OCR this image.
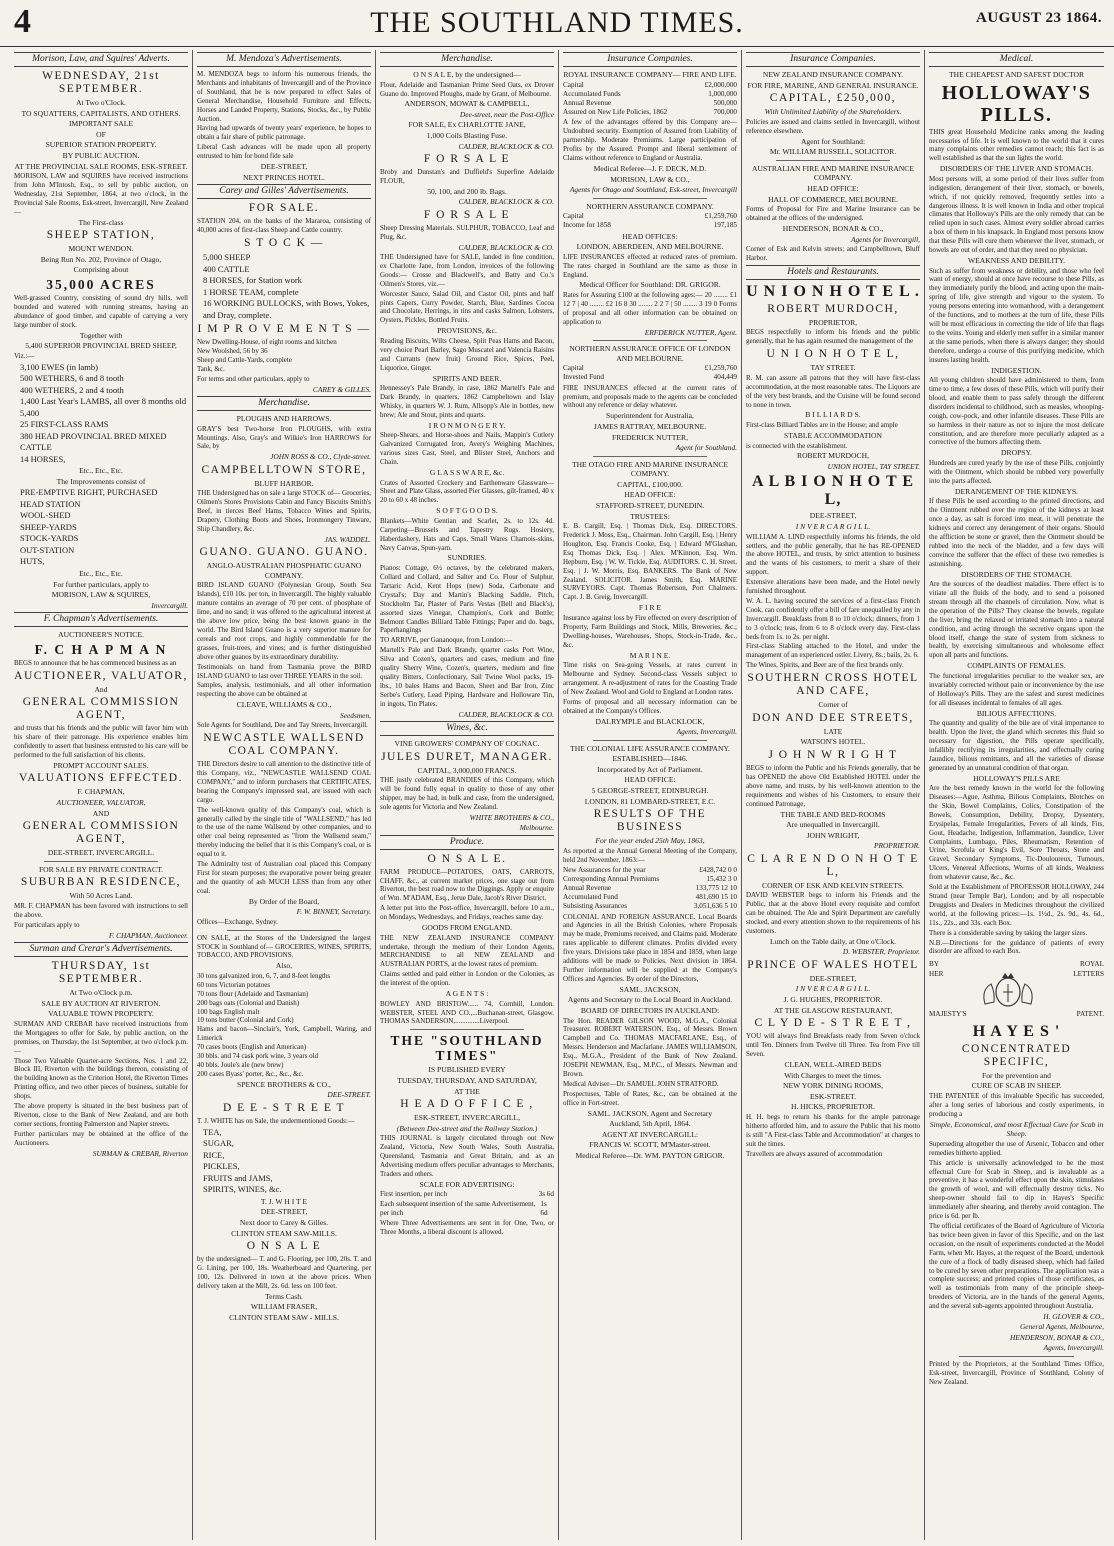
4	THE SOUTHLAND TIMES.	AUGUST 23 1864.
Morison, Law, and Squires' Adverts.
WEDNESDAY, 21st SEPTEMBER.
At Two o'Clock.
TO SQUATTERS, CAPITALISTS, AND OTHERS.
IMPORTANT SALE
OF
SUPERIOR STATION PROPERTY.
BY PUBLIC AUCTION.
AT THE PROVINCIAL SALE ROOMS, ESK-STREET.
MORISON, LAW and SQUIRES have received instructions from John M'Intosh, Esq., to sell by public auction, on Wednesday, 21st September, 1864, at two o'clock, in the Provincial Sale Rooms, Esk-street, Invercargill, New Zealand—
The First-class
SHEEP STATION,
MOUNT WENDON.
Being Run No. 202, Province of Otago,
Comprising about
35,000 ACRES
Well-grassed Country, consisting of sound dry hills, well bounded and watered with running streams, having an abundance of good timber, and capable of carrying a very large number of stock.
Together with
5,400 SUPERIOR PROVINCIAL BRED SHEEP,
Viz.:—
3,100 EWES (in lamb)
500 WETHERS, 6 and 8 tooth
400 WETHERS, 2 and 4 tooth
1,400 Last Year's LAMBS, all over 8 months old
5,400
25 FIRST-CLASS RAMS
380 HEAD PROVINCIAL BRED MIXED CATTLE
14 HORSES,
Etc., Etc., Etc.
The Improvements consist of
PRE-EMPTIVE RIGHT, PURCHASED
HEAD STATION
WOOL-SHED
SHEEP-YARDS
STOCK-YARDS
OUT-STATION
HUTS,
Etc., Etc., Etc.
For further particulars, apply to
MORISON, LAW & SQUIRES,
Invercargill.
F. Chapman's Advertisements.
AUCTIONEER'S NOTICE.
F. C H A P M A N
BEGS to announce that he has commenced business as an
AUCTIONEER, VALUATOR,
And
GENERAL COMMISSION AGENT,
and trusts that his friends and the public will favor him with his share of their patronage. His experience enables him confidently to assert that business entrusted to his care will be performed to the full satisfaction of his clients.
PROMPT ACCOUNT SALES.
VALUATIONS EFFECTED.
F. CHAPMAN,
AUCTIONEER, VALUATOR,
AND
GENERAL COMMISSION AGENT,
DEE-STREET, INVERCARGILL.
FOR SALE BY PRIVATE CONTRACT.
SUBURBAN RESIDENCE,
With 50 Acres Land.
MR. F. CHAPMAN has been favored with instructions to sell the above.
For particulars apply to
F. CHAPMAN, Auctioneer.
Surman and Crerar's Advertisements.
THURSDAY, 1st SEPTEMBER.
At Two o'Clock p.m.
SALE BY AUCTION AT RIVERTON.
VALUABLE TOWN PROPERTY.
SURMAN AND CREBAR have received instructions from the Mortgagees to offer for Sale, by public auction, on the premises, on Thursday, the 1st September, at two o'clock p.m.—
Those Two Valuable Quarter-acre Sections, Nos. 1 and 22, Block III, Riverton with the buildings thereon, consisting of the building known as the Criterion Hotel, the Riverton Times Printing office, and two other pieces of business, suitable for shops.
The above property is situated in the best business part of Riverton, close to the Bank of New Zealand, and are both corner sections, fronting Palmerston and Napier streets.
Further particulars may be obtained at the office of the Auctioneers.
SURMAN & CREBAR, Riverton
M. Mendoza's Advertisements.
M. MENDOZA begs to inform his numerous friends, the Merchants and inhabitants of Invercargill and of the Province of Southland, that he is now prepared to effect Sales of General Merchandise, Household Furniture and Effects, Horses and Landed Property, Stations, Stocks, &c., by Public Auction.
Having had upwards of twenty years' experience, he hopes to obtain a fair share of public patronage.
Liberal Cash advances will be made upon all property entrusted to him for bond fide sale
DEE-STREET,
NEXT PRINCES HOTEL.
Carey and Gilles' Advertisements.
FOR SALE.
STATION 204, on the banks of the Mararoa, consisting of 40,000 acres of first-class Sheep and Cattle country.
S T O C K —
5,000 SHEEP
400 CATTLE
8 HORSES, for Station work
1 HORSE TEAM, complete
16 WORKING BULLOCKS, with Bows, Yokes, and Dray, complete.
I M P R O V E M E N T S —
New Dwelling-House, of eight rooms and kitchen
New Woolshed, 56 by 36
Sheep and Cattle-Yards, complete
Tank, &c.
For terms and other particulars, apply to
CAREY & GILLES.
Merchandise.
PLOUGHS AND HARROWS.
GRAY'S best Two-horse Iron PLOUGHS, with extra Mountings. Also, Gray's and Wilkie's Iron HARROWS for Sale, by
JOHN ROSS & CO., Clyde-street.
CAMPBELLTOWN STORE,
BLUFF HARBOR.
THE Undersigned has on sale a large STOCK of— Groceries, Oilmen's Stores Provisions Cabin and Fancy Biscuits Smith's Beef, in tierces Beef Hams, Tobacco Wines and Spirits, Drapery, Clothing Boots and Shoes, Ironmongery Tinware, Ship Chandlery, &c.
JAS. WADDEL.
GUANO. GUANO. GUANO.
ANGLO-AUSTRALIAN PHOSPHATIC GUANO COMPANY.
BIRD ISLAND GUANO (Polynesian Group, South Sea Islands), £10 10s. per ton, in Invercargill. The highly valuable manure contains an average of 70 per cent. of phosphate of lime, and no sand; it was offered to the agricultural interest at the above low price, being the best known guano in the world. The Bird Island Guano is a very superior manure for cereals and root crops, and highly commendable for the grasses, fruit-trees, and vines; and is further distinguished above other guanos by its extraordinary durability.
Testimonials on hand from Tasmania prove the BIRD ISLAND GUANO to last over THREE YEARS in the soil.
Samples, analysis, testimonials, and all other information respecting the above can be obtained at
CLEAVE, WILLIAMS & CO.,
Seedsmen,
Sole Agents for Southland, Dee and Tay Streets, Invercargill.
NEWCASTLE WALLSEND COAL COMPANY.
THE Directors desire to call attention to the distinctive title of this Company, viz., "NEWCASTLE WALLSEND COAL COMPANY," and to inform purchasers that CERTIFICATES, bearing the Company's impressed seal, are issued with each cargo.
The well-known quality of this Company's coal, which is generally called by the single title of "WALLSEND," has led to the use of the name Wallsend by other companies, and to other coal being represented as "from the Wallsend seam," thereby inducing the belief that it is this Company's coal, or is equal to it.
The Admiralty test of Australian coal placed this Company First for steam purposes; the evaporative power being greater and the quantity of ash MUCH LESS than from any other coal.
By Order of the Board,
F. W. BINNEY, Secretary.
Offices—Exchange, Sydney.
ON SALE, at the Stores of the Undersigned the largest STOCK in Southland of— GROCERIES, WINES, SPIRITS, TOBACCO, AND PROVISIONS.
Also,
30 tons galvanized iron, 6, 7, and 8-feet lengths
60 tons Victorian potatoes
70 tons flour (Adelaide and Tasmanian)
200 bags oats (Colonial and Danish)
100 bags English malt
10 tons butter (Colonial and Cork)
Hams and bacon—Sinclair's, York, Campbell, Waring, and Limerick
70 cases boots (English and American)
30 bbls. and 74 cask pork wine, 3 years old
40 bbls. Joule's ale (new brew)
200 cases Byass' porter, &c., &c., &c.
SPENCE BROTHERS & CO.,
DEE-STREET.
D E E - S T R E E T
T. J. WHITE has on Sale, the undermentioned Goods:—
TEA,
SUGAR,
RICE,
PICKLES,
FRUITS and JAMS,
SPIRITS, WINES, &c.
T. J. W H I T E
DEE-STREET,
Next door to Carey & Gilles.
CLINTON STEAM SAW-MILLS.
O N S A L E
by the undersigned— T. and G. Flooring, per 100, 20s. T. and G. Lining, per 100, 18s. Weatherboard and Quartering, per 100, 12s. Delivered in town at the above prices. When delivery taken at the Mill, 2s. 6d. less on 100 feet.
Terms Cash.
WILLIAM FRASER,
CLINTON STEAM SAW - MILLS.
Merchandise.
O N S A L E, by the undersigned—
Flour, Adelaide and Tasmanian Prime Seed Oats, ex Drover Guano do. Improved Ploughs, made by Grant, of Melbourne.
ANDERSON, MOWAT & CAMPBELL,
Dee-street, near the Post-Office
FOR SALE, Ex CHARLOTTE JANE,
1,000 Coils Blasting Fuse.
CALDER, BLACKLOCK & CO.
F O R S A L E
Broby and Dunstan's and Duffield's Superfine Adelaide FLOUR,
50, 100, and 200 lb. Bags.
CALDER, BLACKLOCK & CO.
F O R S A L E
Sheep Dressing Materials. SULPHUR, TOBACCO, Leaf and Plug, &c.
CALDER, BLACKLOCK & CO.
THE Undersigned have for SALE, landed in fine condition, ex Charlotte Jane, from London, invoices of the following Goods:— Crosse and Blackwell's, and Batty and Co.'s Oilmen's Stores, viz.—
Worcester Sauce, Salad Oil, and Castor Oil, pints and half pints Capers, Curry Powder, Starch, Blue, Sardines Cocoa and Chocolate, Herrings, in tins and casks Salmon, Lobsters, Oysters, Pickles, Bottled Fruits.
PROVISIONS, &c.
Reading Biscuits, Wilts Cheese, Split Peas Hams and Bacon, very choice Pearl Barley, Sago Muscatel and Valencia Raisins and Currants (new fruit) Ground Rice, Spices, Peel, Liquorice, Ginger.
SPIRITS AND BEER.
Hennessey's Pale Brandy, in case, 1862 Martell's Pale and Dark Brandy, in quarters, 1862 Campbeltown and Islay Whisky, in quarters W. J. Rum, Allsopp's Ale in bottles, new brew; Ale and Stout, pints and quarts.
I R O N M O N G E R Y.
Sheep-Shears, and Horse-shoes and Nails, Mappin's Cutlery Galvanized Corrugated Iron, Avery's Weighing Machines, various sizes Cast, Steel, and Blister Steel, Anchors and Chain.
G L A S S W A R E, &c.
Crates of Assorted Crockery and Earthenware Glassware—Sheet and Plate Glass, assorted Pier Glasses, gilt-framed, 40 x 20 to 60 x 48 inches.
S O F T G O O D S.
Blankets—White Gentian and Scarlet, 2s. to 12s. 4d. Carpeting—Brussels and Tapestry Rugs. Hosiery, Haberdashery, Hats and Caps, Small Wares Chamois-skins, Navy Canvas, Spun-yarn.
SUNDRIES.
Pianos: Cottage, 6½ octaves, by the celebrated makers, Collard and Collard, and Salter and Co. Flour of Sulphur, Tartaric Acid, Kent Hops (new) Soda, Carbonate and Crystal's; Day and Martin's Blacking Saddle, Pitch, Stockholm Tar, Plaster of Paris Vestas (Bell and Black's), assorted sizes Vinegar, Champion's, Cork and Bottle; Belmont Candles Billiard Table Fittings; Paper and do. bags, Paperhangings
TO ARRIVE, per Gananoque, from London:—
Martell's Pale and Dark Brandy, quarter casks Port Wine, Silva and Cozen's, quarters and cases, medium and fine quality Sherry Wine, Cozen's, quarters, medium and fine quality Bitters, Confectionary, Sail Twine Wool packs, 19-lbs., 10 bales Hams and Bacon, Sheet and Bar Iron, Zinc Serbe's Cutlery, Lead Piping, Hardware and Holloware Tin, in ingots, Tin Plates.
CALDER, BLACKLOCK & CO.
Wines, &c.
VINE GROWERS' COMPANY OF COGNAC.
JULES DURET, MANAGER.
CAPITAL, 3,000,000 FRANCS.
THE justly celebrated BRANDIES of this Company, which will be found fully equal in quality to those of any other shipper, may be had, in bulk and case, from the undersigned, sole agents for Victoria and New Zealand.
WHITE BROTHERS & CO.,
Melbourne.
Produce.
O N S A L E.
FARM PRODUCE—POTATOES, OATS, CARROTS, CHAFF, &c., at current market prices, one stage out from Riverton, the best road now to the Diggings. Apply or enquire of Wm. M'ADAM, Esq., Jerue Dale, Jacob's River District.
A letter put into the Post-office, Invercargill, before 10 a.m., on Mondays, Wednesdays, and Fridays, reaches same day.
GOODS FROM ENGLAND.
THE NEW ZEALAND INSURANCE COMPANY undertake, through the medium of their London Agents, MERCHANDISE to all NEW ZEALAND and AUSTRALIAN PORTS, at the lowest rates of premium.
Claims settled and paid either in London or the Colonies, as the interest of the option.
A G E N T S :
BOWLEY AND BRISTOW...... 74, Cornhill, London. WEBSTER, STEEL AND CO.,...Buchanan-street, Glasgow. THOMAS SANDERSON,..............Liverpool.
THE "SOUTHLAND TIMES"
IS PUBLISHED EVERY
TUESDAY, THURSDAY, AND SATURDAY,
AT THE
H E A D O F F I C E ,
ESK-STREET, INVERCARGILL,
(Between Dee-street and the Railway Station.)
THIS JOURNAL is largely circulated through out New Zealand, Victoria, New South Wales, South Australia, Queensland, Tasmania and Great Britain, and as an Advertising medium offers peculiar advantages to Merchants, Traders and others.
SCALE FOR ADVERTISING:
First insertion, per inch	3s 6d
Each subsequent insertion of the same Advertisement, per inch
1s 6d
Where Three Advertisements are sent in for One, Two, or Three Months, a liberal discount is allowed.
Insurance Companies.
ROYAL INSURANCE COMPANY— FIRE AND LIFE.
Capital	£2,000,000
Accumulated Funds	1,000,000
Annual Revenue	500,000
Assured on New Life Policies, 1862	700,000
A few of the advantages offered by this Company are— Undoubted security. Exemption of Assured from Liability of partnership. Moderate Premiums. Large participation of Profits by the Assured. Prompt and liberal settlement of Claims without reference to England or Australia.
Medical Referee—J. F. DECK, M.D.
MORISON, LAW & CO.,
Agents for Otago and Southland, Esk-street, Invercargill
NORTHERN ASSURANCE COMPANY.
Capital	£1,259,760
Income for 1858	197,185
HEAD OFFICES:
LONDON, ABERDEEN, AND MELBOURNE.
LIFE INSURANCES effected at reduced rates of premium. The rates charged in Southland are the same as those in England.
Medical Officer for Southland: DR. GRIGOR.
Rates for Assuring £100 at the following ages:— 20 ........ £1 12 7 | 40 ........ £2 16 8 30 ........ 2 2 7 | 50 ........ 3 19 0 Forms of proposal and all other information can be obtained on application to
ERFDERICK NUTTER, Agent.
NORTHERN ASSURANCE OFFICE OF LONDON AND MELBOURNE.
Capital	£1,259,760
Invested Fund	404,449
FIRE INSURANCES effected at the current rates of premium, and proposals made to the agents can be concluded without any reference or delay whatever.
Superintendent for Australia,
JAMES RATTRAY, MELBOURNE.
FREDERICK NUTTER,
Agent for Southland.
THE OTAGO FIRE AND MARINE INSURANCE COMPANY.
CAPITAL, £100,000.
HEAD OFFICE:
STAFFORD-STREET, DUNEDIN.
TRUSTEES:
E. B. Cargill, Esq. | Thomas Dick, Esq. DIRECTORS. Frederick J. Moss, Esq., Chairman. John Cargill, Esq. | Henry Houghton, Esq. Francis Cooke, Esq. | Edward M'Glashan, Esq Thomas Dick, Esq. | Alex. M'Kinnon, Esq. Wm. Hepburn, Esq. | W. W. Tickle, Esq. AUDITORS. C. H. Street, Esq. | J. W. Morris, Esq. BANKERS. The Bank of New Zealand. SOLICITOR. James Smith, Esq. MARINE SURVEYORS. Capt. Thomas Robertson, Port Chalmers. Capt. J. B. Greig, Invercargill.
F I R E
Insurance against loss by Fire effected on every description of Property, Farm Buildings and Stock, Mills, Breweries, &c.; Dwelling-houses, Warehouses, Shops, Stock-in-Trade, &c., &c.
M A R I N E.
Time risks on Sea-going Vessels, at rates current in Melbourne and Sydney. Second-class Vessels subject to arrangement. A re-adjustment of rates for the Coasting Trade of New Zealand. Wool and Gold to England at London rates.
Forms of proposal and all necessary information can be obtained at the Company's Offices.
DALRYMPLE and BLACKLOCK,
Agents, Invercargill.
THE COLONIAL LIFE ASSURANCE COMPANY.
ESTABLISHED—1846.
Incorporated by Act of Parliament.
HEAD OFFICE:
5 GEORGE-STREET, EDINBURGH.
LONDON, 81 LOMBARD-STREET, E.C.
RESULTS OF THE BUSINESS
For the year ended 25th May, 1863,
As reported at the Annual General Meeting of the Company, held 2nd November, 1863:—
New Assurances for the year	£428,742 0 0
Corresponding Annual Premiums	15,432 3 0
Annual Revenue	133,775 12 10
Accumulated Fund	481,690 15 10
Subsisting Assurances	3,051,636 5 10
COLONIAL AND FOREIGN ASSURANCE. Local Boards and Agencies in all the British Colonies, where Proposals may be made, Premiums received, and Claims paid. Moderate rates applicable to different climates. Profits divided every five years. Divisions take place in 1854 and 1859, when large additions will be made to Policies. Next division in 1864. Further information will be supplied at the Company's Offices and Agencies. By order of the Directors,
SAML. JACKSON,
Agents and Secretary to the Local Board in Auckland.
BOARD OF DIRECTORS IN AUCKLAND:
The Hon. READER GILSON WOOD, M.G.A., Colonial Treasurer. ROBERT WATERSON, Esq., of Messrs. Brown Campbell and Co. THOMAS MACFARLANE, Esq., of Messrs. Henderson and Macfarlane. JAMES WILLIAMSON, Esq., M.G.A., President of the Bank of New Zealand. JOSEPH NEWMAN, Esq., M.P.C., of Messrs. Newman and Brown.
Medical Adviser—Dr. SAMUEL JOHN STRATFORD.
Prospectuses, Table of Rates, &c., can be obtained at the office in Fort-street.
SAML. JACKSON, Agent and Secretary
Auckland, 5th April, 1864.
AGENT AT INVERCARGILL:
FRANCIS W. SCOTT, M'Master-street.
Medical Referee—Dr. WM. PAYTON GRIGOR.
Insurance Companies.
NEW ZEALAND INSURANCE COMPANY.
FOR FIRE, MARINE, AND GENERAL INSURANCE.
CAPITAL, £250,000,
With Unlimited Liability of the Shareholders.
Policies are issued and claims settled in Invercargill, without reference elsewhere.
Agent for Southland:
Mr. WILLIAM RUSSELL, SOLICITOR.
AUSTRALIAN FIRE AND MARINE INSURANCE COMPANY.
HEAD OFFICE:
HALL OF COMMERCE, MELBOURNE.
Forms of Proposal for Fire and Marine Insurance can be obtained at the offices of the undersigned.
HENDERSON, BONAR & CO.,
Agents for Invercargill,
Corner of Esk and Kelvin streets; and Campbelltown, Bluff Harbor.
Hotels and Restaurants.
U N I O N H O T E L .
ROBERT MURDOCH,
PROPRIETOR,
BEGS respectfully to inform his friends and the public generally, that he has again resumed the management of the
U N I O N H O T E L,
TAY STREET.
R. M. can assure all patrons that they will have first-class accommodation, at the most reasonable rates. The Liquors are of the very best brands, and the Cuisine will be found second to none in town.
B I L L I A R D S.
First-class Billiard Tables are in the House; and ample
STABLE ACCOMMODATION
is connected with the establishment.
ROBERT MURDOCH,
UNION HOTEL, TAY STREET.
A L B I O N H O T E L,
DEE-STREET,
I N V E R C A R G I L L.
WILLIAM A. LIND respectfully informs his friends, the old settlers, and the public generally, that he has RE-OPENED the above HOTEL, and trusts, by strict attention to business and the wants of his customers, to merit a share of their support.
Extensive alterations have been made, and the Hotel newly furnished throughout.
W. A. L. having secured the services of a first-class French Cook, can confidently offer a bill of fare unequalled by any in Invercargill. Breakfasts from 8 to 10 o'clock; dinners, from 1 to 3 o'clock; teas, from 6 to 8 o'clock every day. First-class beds from 1s. to 2s. per night.
First-class Stabling attached to the Hotel, and under the management of an experienced ostler. Livery, 8s.; bails, 2s. 6.
The Wines, Spirits, and Beer are of the first brands only.
SOUTHERN CROSS HOTEL AND CAFE,
Corner of
DON AND DEE STREETS,
LATE
WATSON'S HOTEL.
J O H N W R I G H T
BEGS to inform the Public and his Friends generally, that he has OPENED the above Old Established HOTEL under the above name, and trusts, by his well-known attention to the requirements and wishes of his Customers, to ensure their continued Patronage,
THE TABLE AND BED-ROOMS
Are unequalled in Invercargill.
JOHN WRIGHT,
PROPRIETOR.
C L A R E N D O N H O T E L,
CORNER OF ESK AND KELVIN STREETS.
DAVID WEBSTER begs to inform his Friends and the Public, that at the above Hotel every requisite and comfort can be obtained. The Ale and Spirit Department are carefully stocked, and every attention shown to the requirements of his customers.
Lunch on the Table daily, at One o'Clock.
D. WEBSTER, Proprietor.
PRINCE OF WALES HOTEL
DEE-STREET,
I N V E R C A R G I L L.
J. G. HUGHES, PROPRIETOR.
AT THE GLASGOW RESTAURANT,
C L Y D E - S T R E E T ,
YOU will always find Breakfasts ready from Seven o'clock until Ten. Dinners from Twelve till Three. Tea from Five till Seven.
CLEAN, WELL-AIRED BEDS
With Charges to meet the times.
NEW YORK DINING ROOMS,
ESK-STREET.
H. HICKS, PROPRIETOR.
H. H. begs to return his thanks for the ample patronage hitherto afforded him, and to assure the Public that his motto is still "A First-class Table and Accommodation" at charges to suit the times.
Travellers are always assured of accommodation
Medical.
THE CHEAPEST AND SAFEST DOCTOR
HOLLOWAY'S PILLS.
THIS great Household Medicine ranks among the leading necessaries of life. It is well known to the world that it cures many complaints other remedies cannot reach; this fact is as well established as that the sun lights the world.
DISORDERS OF THE LIVER AND STOMACH.
Most persons will, at some period of their lives suffer from indigestion, derangement of their liver, stomach, or bowels, which, if not quickly removed, frequently settles into a dangerous illness. It is well known in India and other tropical climates that Holloway's Pills are the only remedy that can be relied upon in such cases. Almost every soldier abroad carries a box of them in his knapsack. In England most persons know that these Pills will cure them whenever the liver, stomach, or bowels are out of order, and that they need no physician.
WEAKNESS AND DEBILITY.
Such as suffer from weakness or debility, and those who feel want of energy, should at once have recourse to these Pills, as they immediately purify the blood, and acting upon the main-spring of life, give strength and vigour to the system. To young persons entering into womanhood, with a derangement of the functions, and to mothers at the turn of life, these Pills will be most efficacious in correcting the tide of life that flags to the veins. Young and elderly men suffer in a similar manner at the same periods, when there is always danger; they should therefore, undergo a course of this purifying medicine, which insures lasting health.
INDIGESTION.
All young children should have administered to them, from time to time, a few doses of these Pills, which will purify their blood, and enable them to pass safely through the different disorders incidental to childhood, such as measles, whooping-cough, cow-pock, and other infantile diseases. These Pills are so harmless in their nature as not to injure the most delicate constitution, and are therefore more peculiarly adapted as a corrective of the humors affecting them.
DROPSY.
Hundreds are cured yearly by the use of these Pills, conjointly with the Ointment, which should be rubbed very powerfully into the parts affected.
DERANGEMENT OF THE KIDNEYS.
If these Pills be used according to the printed directions, and the Ointment rubbed over the region of the kidneys at least once a day, as salt is forced into meat, it will penetrate the kidneys and correct any derangement of their organs. Should the affliction be stone or gravel, then the Ointment should be rubbed into the neck of the bladder, and a few days will convince the sufferer that the effect of these two remedies is astonishing.
DISORDERS OF THE STOMACH.
Are the sources of the deadliest maladies. There effect is to vitiate all the fluids of the body, and to send a poisoned stream through all the channels of circulation. Now, what is the operation of the Pills? They cleanse the bowels, regulate the liver, bring the relaxed or irritated stomach into a natural condition, and acting through the secretive organs upon the blood itself, change the state of system from sickness to health, by exercising simultaneous and wholesome effect upon all parts and functions.
COMPLAINTS OF FEMALES.
The functional irregularities peculiar to the weaker sex, are invariably corrected without pain or inconvenience by the use of Holloway's Pills. They are the safest and surest medicines for all diseases incidental to females of all ages.
BILIOUS AFFECTIONS.
The quantity and quality of the bile are of vital importance to health. Upon the liver, the gland which secretes this fluid so necessary for digestion, the Pills operate specifically, infallibly rectifying its irregularities, and effectually curing Jaundice, bilious remittants, and all the varieties of disease generated by an unnatural condition of that organ.
HOLLOWAY'S PILLS ARE
Are the best remedy known in the world for the following Diseases:—Ague, Asthma, Bilious Complaints, Blotches on the Skin, Bowel Complaints, Colics, Constipation of the Bowels, Consumption, Debility, Dropsy, Dysentery, Erysipelas, Female Irregularities, Fevers of all kinds, Fits, Gout, Headache, Indigestion, Inflammation, Jaundice, Liver Complaints, Lumbago, Piles, Rheumatism, Retention of Urine, Scrofula or King's Evil, Sore Throats, Stone and Gravel, Secondary Symptoms, Tic-Douloureux, Tumours, Ulcers, Venereal Affections, Worms of all kinds, Weakness from whatever cause, &c., &c.
Sold at the Establishment of PROFESSOR HOLLOWAY, 244 Strand (near Temple Bar), London; and by all respectable Druggists and Dealers in Medicines throughout the civilized world, at the following prices:—1s. 1½d., 2s. 9d., 4s. 6d., 11s., 22s., and 33s. each Box.
There is a considerable saving by taking the larger sizes.
N.B.—Directions for the guidance of patients of every disorder are affixed to each Box.
BY	ROYAL
HER	LETTERS
MAJESTY'S	PATENT.
H A Y E S '
CONCENTRATED SPECIFIC,
For the prevention and
CURE OF SCAB IN SHEEP.
THE PATENTEE of this invaluable Specific has succeeded, after a long series of laborious and costly experiments, in producing a
Simple, Economical, and most Effectual Cure for Scab in Sheep.
Superseding altogether the use of Arsenic, Tobacco and other remedies hitherto applied.
This article is universally acknowledged to be the most effectual Cure for Scab in Sheep, and is invaluable as a preventive, it has a wonderful effect upon the skin, stimulates the growth of wool, and will effectually destroy ticks. No sheep-owner should fail to dip in Hayes's Specific immediately after shearing, and thereby avoid contagion. The price is 6d. per lb.
The official certificates of the Board of Agriculture of Victoria has twice been given in favor of this Specific, and on the last occasion, on the result of experiments conducted at the Model Farm, when Mr. Hayes, at the request of the Board, undertook the cure of a flock of badly diseased sheep, which had failed to be cured by seven other preparations. The application was a complete success; and printed copies of those certificates, as well as testimonials from many of the principle sheep-breeders of Victoria, are in the hands of the general Agents, and the several sub-agents appointed throughout Australia.
H. GLOVER & CO.,
General Agents, Melbourne,
HENDERSON, BONAR & CO.,
Agents, Invercargill.
Printed by the Proprietors, at the Southland Times Office, Esk-street, Invercargill, Province of Southland, Colony of New Zealand.
